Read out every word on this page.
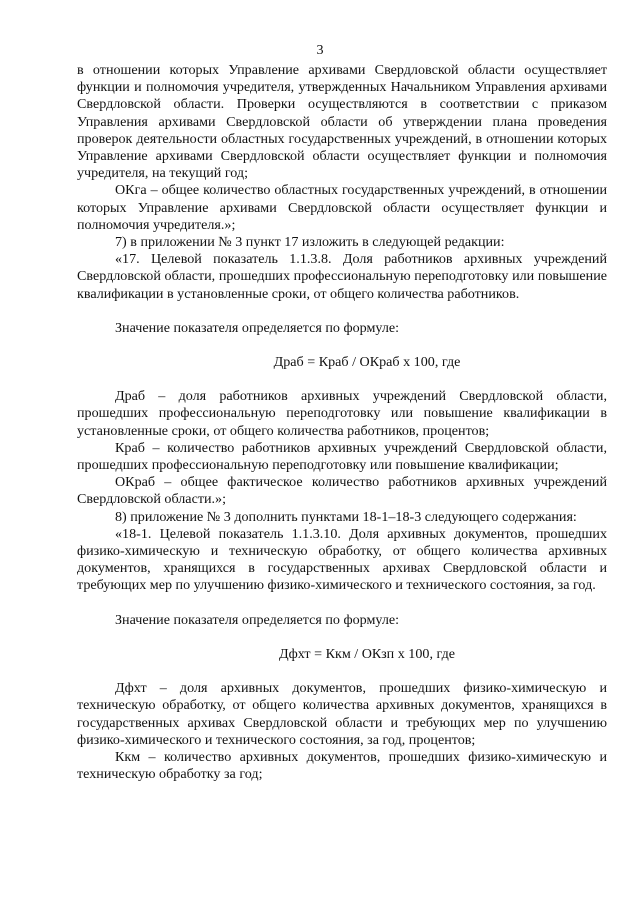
3

в отношении которых Управление архивами Свердловской области осуществляет функции и полномочия учредителя, утвержденных Начальником Управления архивами Свердловской области. Проверки осуществляются в соответствии с приказом Управления архивами Свердловской области об утверждении плана проведения проверок деятельности областных государственных учреждений, в отношении которых Управление архивами Свердловской области осуществляет функции и полномочия учредителя, на текущий год;

ОКга – общее количество областных государственных учреждений, в отношении которых Управление архивами Свердловской области осуществляет функции и полномочия учредителя.»;

7) в приложении № 3 пункт 17 изложить в следующей редакции:

«17. Целевой показатель 1.1.3.8. Доля работников архивных учреждений Свердловской области, прошедших профессиональную переподготовку или повышение квалификации в установленные сроки, от общего количества работников.

Значение показателя определяется по формуле:

Драб = Краб / ОКраб х 100, где

Драб – доля работников архивных учреждений Свердловской области, прошедших профессиональную переподготовку или повышение квалификации в установленные сроки, от общего количества работников, процентов;

Краб – количество работников архивных учреждений Свердловской области, прошедших профессиональную переподготовку или повышение квалификации;

ОКраб – общее фактическое количество работников архивных учреждений Свердловской области.»;

8) приложение № 3 дополнить пунктами 18-1–18-3 следующего содержания:

«18-1. Целевой показатель 1.1.3.10. Доля архивных документов, прошедших физико-химическую и техническую обработку, от общего количества архивных документов, хранящихся в государственных архивах Свердловской области и требующих мер по улучшению физико-химического и технического состояния, за год.

Значение показателя определяется по формуле:

Дфхт = Ккм / ОКзп х 100, где

Дфхт – доля архивных документов, прошедших физико-химическую и техническую обработку, от общего количества архивных документов, хранящихся в государственных архивах Свердловской области и требующих мер по улучшению физико-химического и технического состояния, за год, процентов;

Ккм – количество архивных документов, прошедших физико-химическую и техническую обработку за год;
